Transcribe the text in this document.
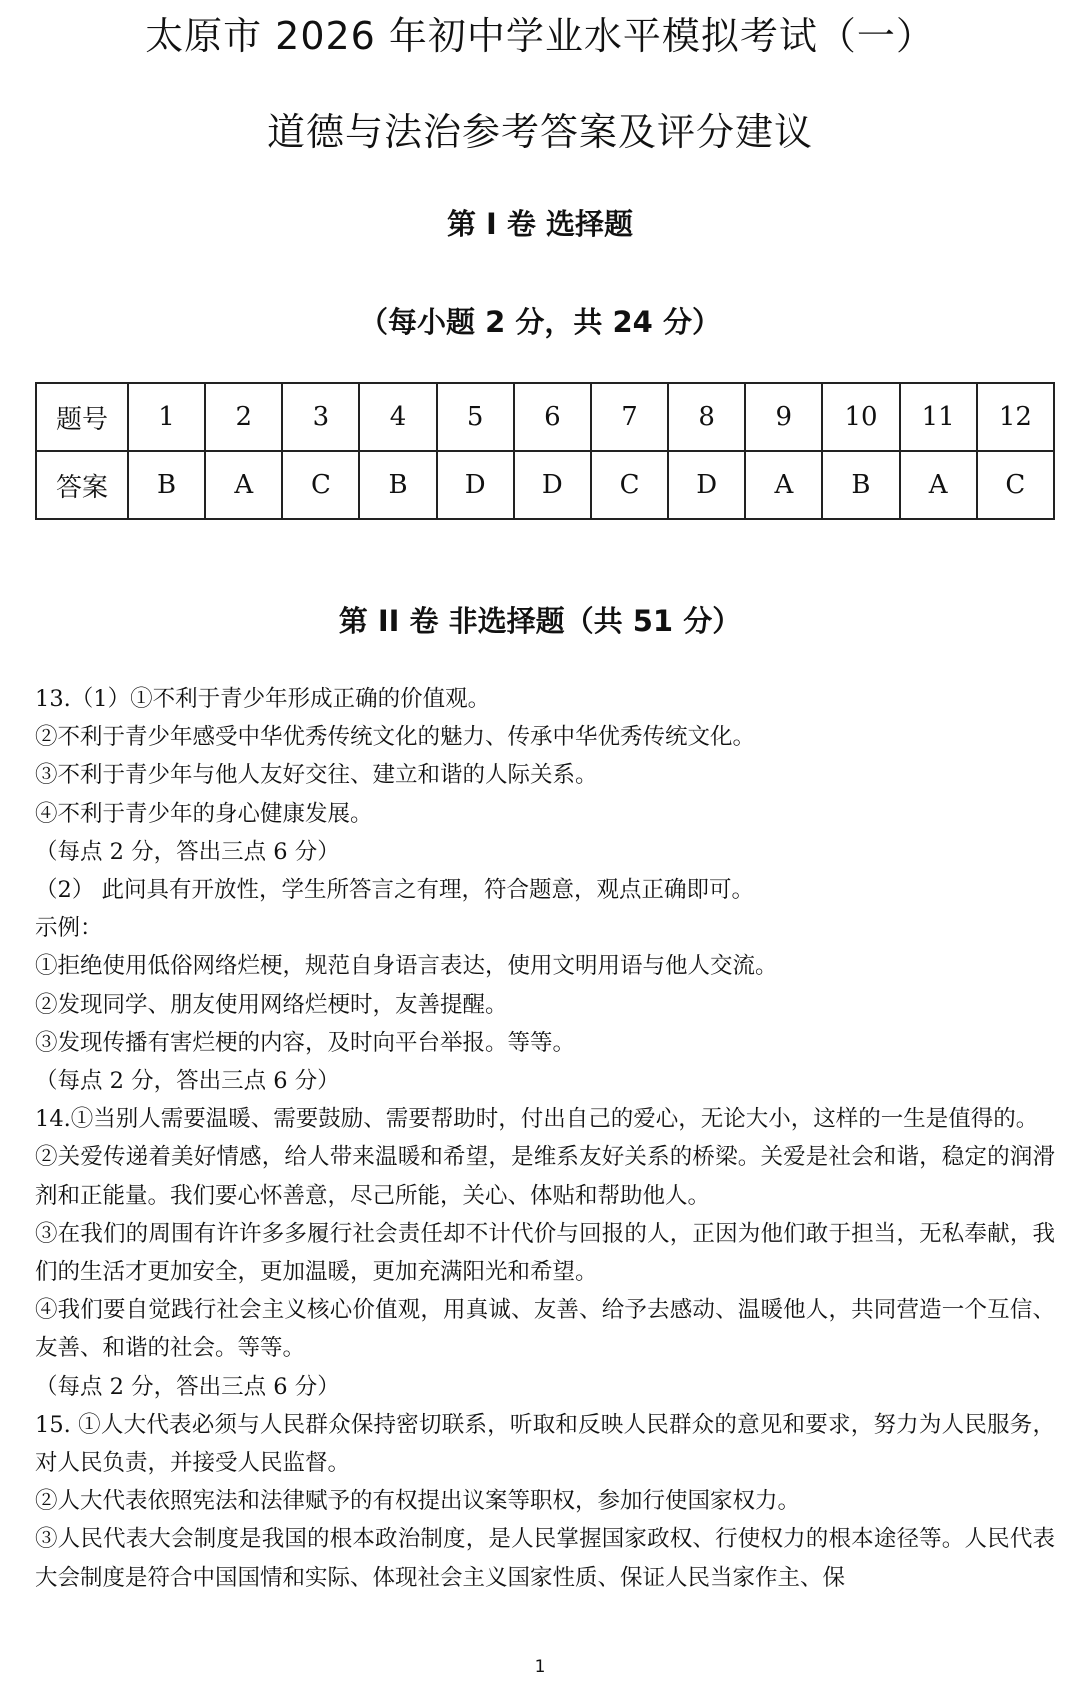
太原市 2026 年初中学业水平模拟考试（一）
道德与法治参考答案及评分建议
第 I 卷 选择题
（每小题 2 分，共 24 分）
题号	1	2	3	4	5	6	7	8	9	10	11	12
答案	B	A	C	B	D	D	C	D	A	B	A	C
第 II 卷 非选择题（共 51 分）

13.（1）①不利于青少年形成正确的价值观。

②不利于青少年感受中华优秀传统文化的魅力、传承中华优秀传统文化。

③不利于青少年与他人友好交往、建立和谐的人际关系。

④不利于青少年的身心健康发展。

（每点 2 分，答出三点 6 分）

（2） 此问具有开放性，学生所答言之有理，符合题意，观点正确即可。

示例：

①拒绝使用低俗网络烂梗，规范自身语言表达，使用文明用语与他人交流。

②发现同学、朋友使用网络烂梗时，友善提醒。

③发现传播有害烂梗的内容，及时向平台举报。等等。

（每点 2 分，答出三点 6 分）

14.①当别人需要温暖、需要鼓励、需要帮助时，付出自己的爱心，无论大小，这样的一生是值得的。

②关爱传递着美好情感，给人带来温暖和希望，是维系友好关系的桥梁。关爱是社会和谐，稳定的润滑剂和正能量。我们要心怀善意，尽己所能，关心、体贴和帮助他人。

③在我们的周围有许许多多履行社会责任却不计代价与回报的人，正因为他们敢于担当，无私奉献，我们的生活才更加安全，更加温暖，更加充满阳光和希望。

④我们要自觉践行社会主义核心价值观，用真诚、友善、给予去感动、温暖他人，共同营造一个互信、友善、和谐的社会。等等。

（每点 2 分，答出三点 6 分）

15. ①人大代表必须与人民群众保持密切联系，听取和反映人民群众的意见和要求，努力为人民服务，对人民负责，并接受人民监督。

②人大代表依照宪法和法律赋予的有权提出议案等职权，参加行使国家权力。

③人民代表大会制度是我国的根本政治制度，是人民掌握国家政权、行使权力的根本途径等。人民代表大会制度是符合中国国情和实际、体现社会主义国家性质、保证人民当家作主、保

1
